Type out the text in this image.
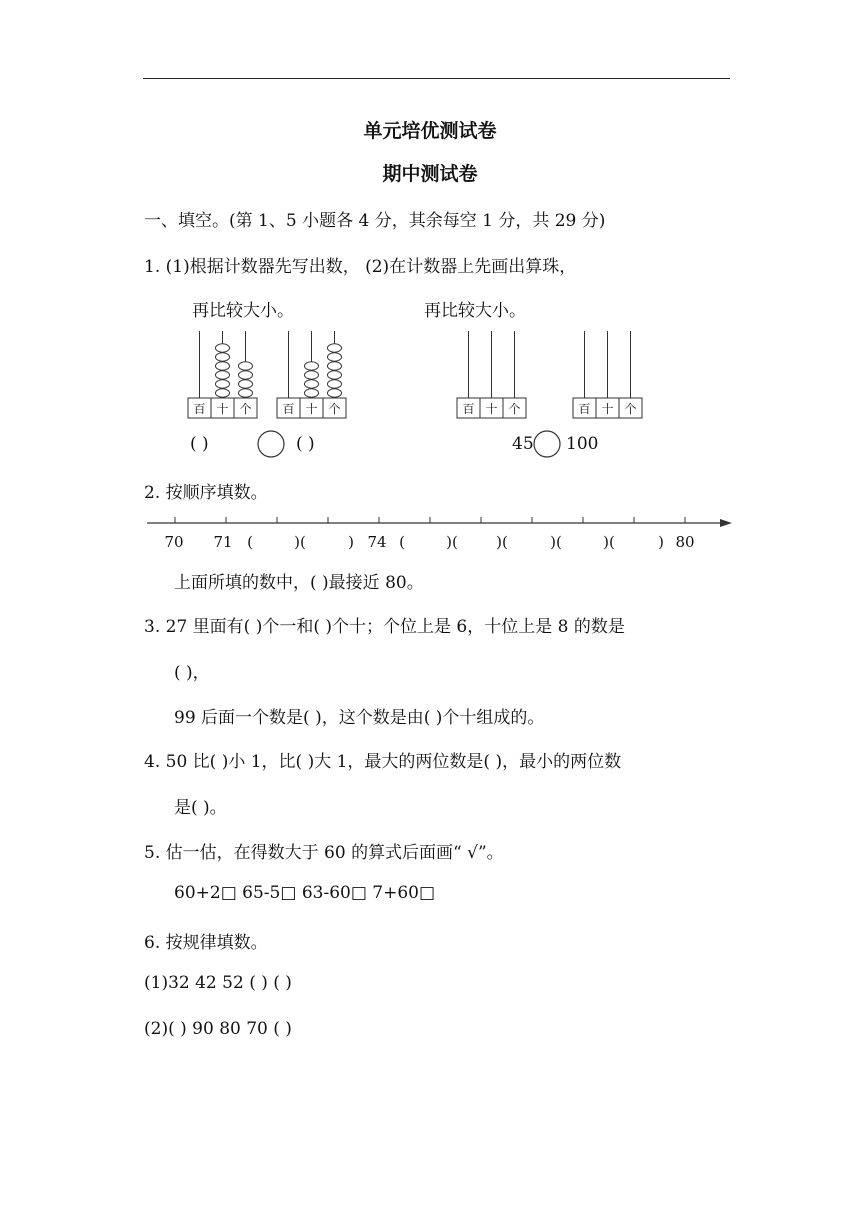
单元培优测试卷
期中测试卷
一、填空。(第 1、5 小题各 4 分，其余每空 1 分，共 29 分)
1. (1)根据计数器先写出数， (2)在计数器上先画出算珠，
再比较大小。	再比较大小。
百 十 个	百 十 个	百 十 个	百 十 个
( )	( )	45 100
2. 按顺序填数。
70 71 (	)(	) 74 (	)(	)(	)(	)(	) 80
上面所填的数中，( )最接近 80。
3. 27 里面有( )个一和( )个十；个位上是 6，十位上是 8 的数是
( )，
99 后面一个数是( )，这个数是由( )个十组成的。
4. 50 比( )小 1，比( )大 1，最大的两位数是( )，最小的两位数
是( )。
5. 估一估，在得数大于 60 的算式后面画“ √”。
60+2□ 65-5□ 63-60□ 7+60□
6. 按规律填数。
(1)32 42 52 ( ) ( )
(2)( ) 90 80 70 ( )
